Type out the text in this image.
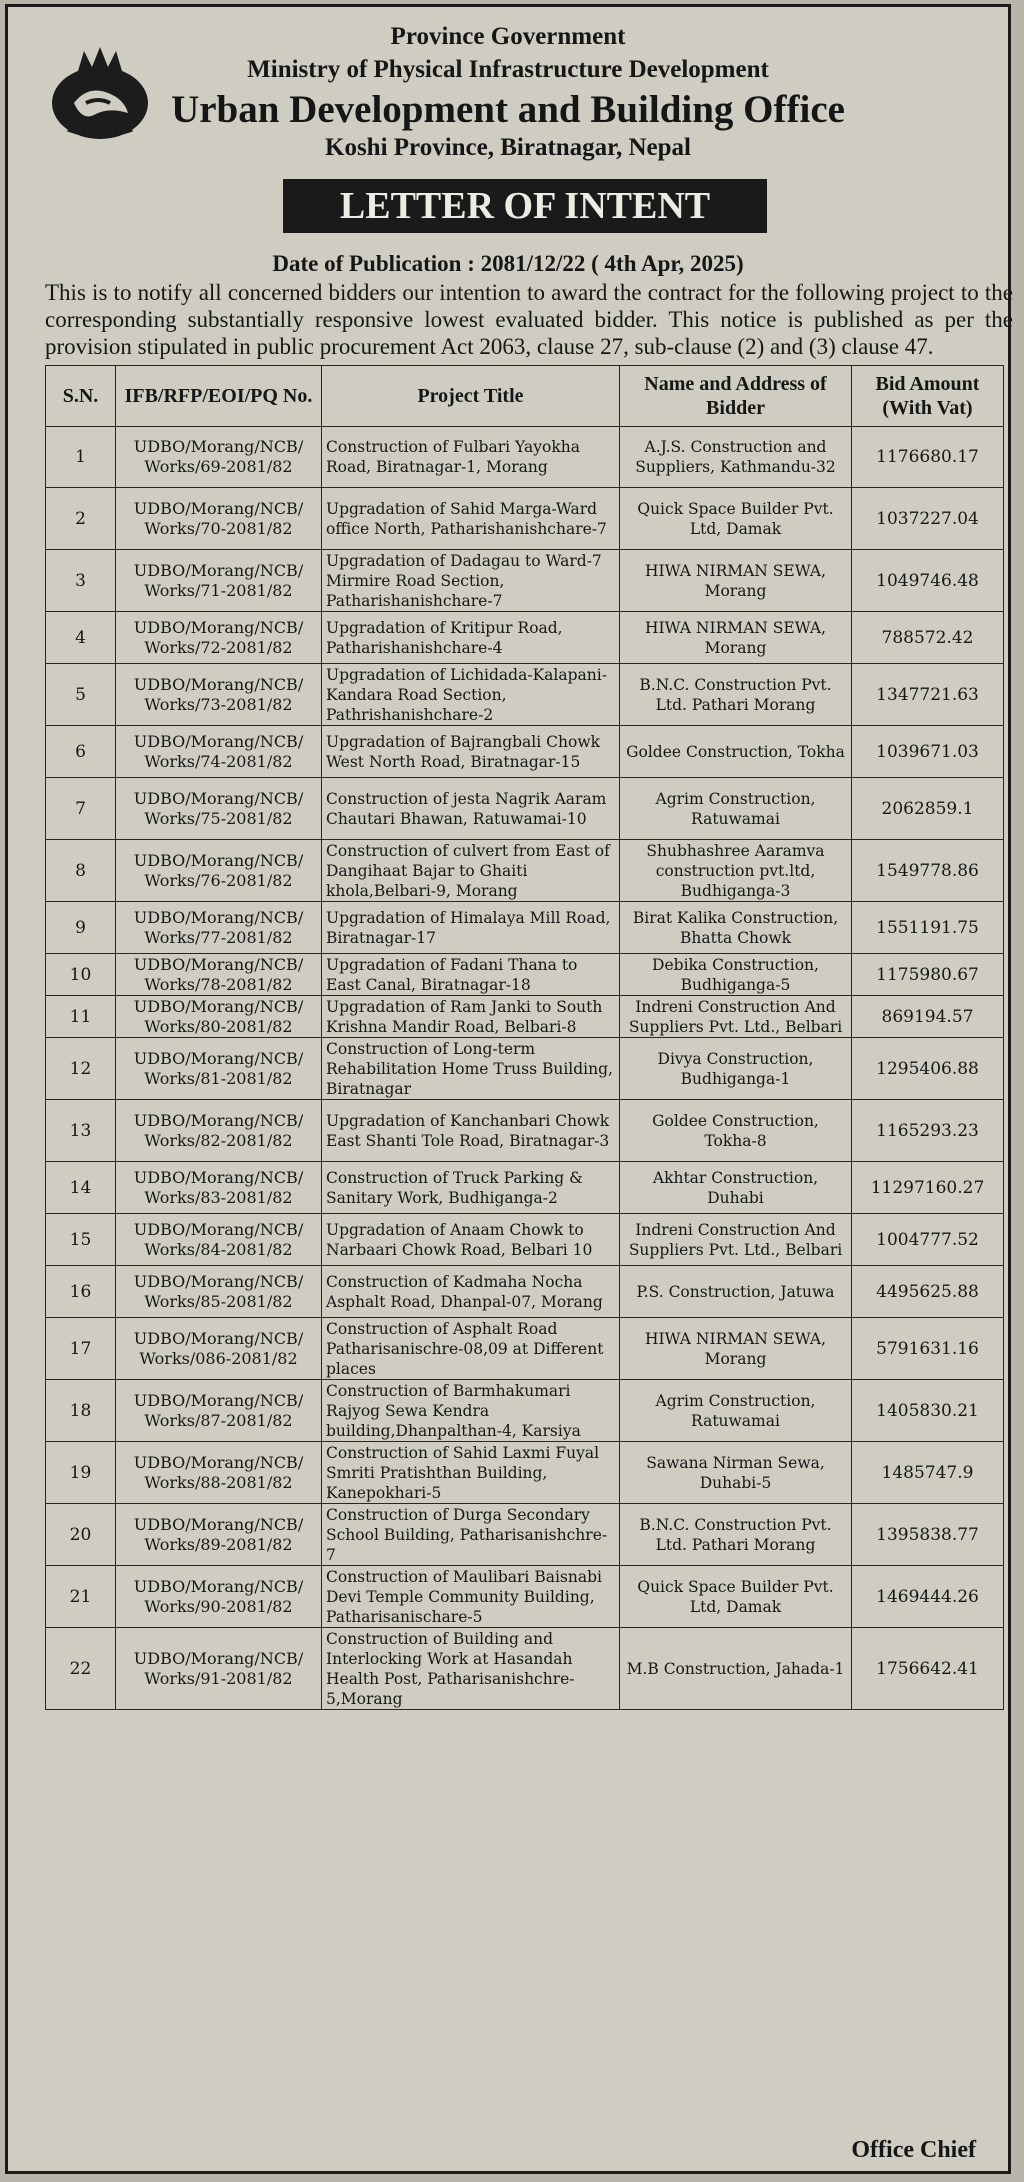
Province Government
Ministry of Physical Infrastructure Development
Urban Development and Building Office
Koshi Province, Biratnagar, Nepal
LETTER OF INTENT
Date of Publication : 2081/12/22 ( 4th Apr, 2025)
This is to notify all concerned bidders our intention to award the contract for the following project to the corresponding substantially responsive lowest evaluated bidder. This notice is published as per the provision stipulated in public procurement Act 2063, clause 27, sub-clause (2) and (3) clause 47.
S.N.	IFB/RFP/EOI/PQ No.	Project Title	Name and Address of Bidder	Bid Amount (With Vat)
1	UDBO/Morang/NCB/ Works/69-2081/82	Construction of Fulbari Yayokha Road, Biratnagar-1, Morang	A.J.S. Construction and Suppliers, Kathmandu-32	1176680.17
2	UDBO/Morang/NCB/ Works/70-2081/82	Upgradation of Sahid Marga-Ward office North, Patharishanishchare-7	Quick Space Builder Pvt. Ltd, Damak	1037227.04
3	UDBO/Morang/NCB/ Works/71-2081/82	Upgradation of Dadagau to Ward-7 Mirmire Road Section, Patharishanishchare-7	HIWA NIRMAN SEWA, Morang	1049746.48
4	UDBO/Morang/NCB/ Works/72-2081/82	Upgradation of Kritipur Road, Patharishanishchare-4	HIWA NIRMAN SEWA, Morang	788572.42
5	UDBO/Morang/NCB/ Works/73-2081/82	Upgradation of Lichidada-Kalapani-Kandara Road Section, Pathrishanishchare-2	B.N.C. Construction Pvt. Ltd. Pathari Morang	1347721.63
6	UDBO/Morang/NCB/ Works/74-2081/82	Upgradation of Bajrangbali Chowk West North Road, Biratnagar-15	Goldee Construction, Tokha	1039671.03
7	UDBO/Morang/NCB/ Works/75-2081/82	Construction of jesta Nagrik Aaram Chautari Bhawan, Ratuwamai-10	Agrim Construction, Ratuwamai	2062859.1
8	UDBO/Morang/NCB/ Works/76-2081/82	Construction of culvert from East of Dangihaat Bajar to Ghaiti khola,Belbari-9, Morang	Shubhashree Aaramva construction pvt.ltd, Budhiganga-3	1549778.86
9	UDBO/Morang/NCB/ Works/77-2081/82	Upgradation of Himalaya Mill Road, Biratnagar-17	Birat Kalika Construction, Bhatta Chowk	1551191.75
10	UDBO/Morang/NCB/ Works/78-2081/82	Upgradation of Fadani Thana to East Canal, Biratnagar-18	Debika Construction, Budhiganga-5	1175980.67
11	UDBO/Morang/NCB/ Works/80-2081/82	Upgradation of Ram Janki to South Krishna Mandir Road, Belbari-8	Indreni Construction And Suppliers Pvt. Ltd., Belbari	869194.57
12	UDBO/Morang/NCB/ Works/81-2081/82	Construction of Long-term Rehabilitation Home Truss Building, Biratnagar	Divya Construction, Budhiganga-1	1295406.88
13	UDBO/Morang/NCB/ Works/82-2081/82	Upgradation of Kanchanbari Chowk East Shanti Tole Road, Biratnagar-3	Goldee Construction, Tokha-8	1165293.23
14	UDBO/Morang/NCB/ Works/83-2081/82	Construction of Truck Parking & Sanitary Work, Budhiganga-2	Akhtar Construction, Duhabi	11297160.27
15	UDBO/Morang/NCB/ Works/84-2081/82	Upgradation of Anaam Chowk to Narbaari Chowk Road, Belbari 10	Indreni Construction And Suppliers Pvt. Ltd., Belbari	1004777.52
16	UDBO/Morang/NCB/ Works/85-2081/82	Construction of Kadmaha Nocha Asphalt Road, Dhanpal-07, Morang	P.S. Construction, Jatuwa	4495625.88
17	UDBO/Morang/NCB/ Works/086-2081/82	Construction of Asphalt Road Patharisanischre-08,09 at Different places	HIWA NIRMAN SEWA, Morang	5791631.16
18	UDBO/Morang/NCB/ Works/87-2081/82	Construction of Barmhakumari Rajyog Sewa Kendra building,Dhanpalthan-4, Karsiya	Agrim Construction, Ratuwamai	1405830.21
19	UDBO/Morang/NCB/ Works/88-2081/82	Construction of Sahid Laxmi Fuyal Smriti Pratishthan Building, Kanepokhari-5	Sawana Nirman Sewa, Duhabi-5	1485747.9
20	UDBO/Morang/NCB/ Works/89-2081/82	Construction of Durga Secondary School Building, Patharisanishchre-7	B.N.C. Construction Pvt. Ltd. Pathari Morang	1395838.77
21	UDBO/Morang/NCB/ Works/90-2081/82	Construction of Maulibari Baisnabi Devi Temple Community Building, Patharisanischare-5	Quick Space Builder Pvt. Ltd, Damak	1469444.26
22	UDBO/Morang/NCB/ Works/91-2081/82	Construction of Building and Interlocking Work at Hasandah Health Post, Patharisanishchre-5,Morang	M.B Construction, Jahada-1	1756642.41
Office Chief
